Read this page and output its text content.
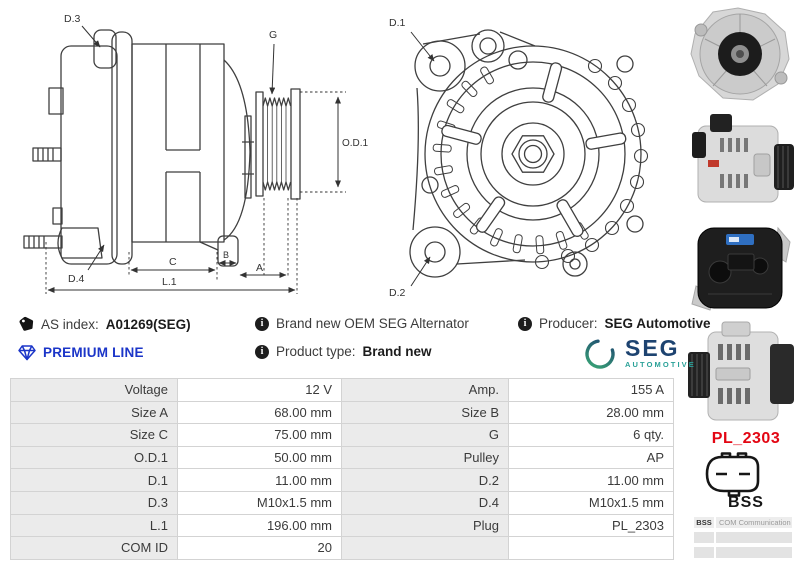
D.3
G
O.D.1
D.4
C
B
A
L.1
D.1
D.2
AS index: A01269(SEG) i	Brand new OEM SEG Alternator i	Producer: SEG Automotive
PREMIUM LINE i	Product type: Brand new	SEG
AUTOMOTIVE
Voltage	12 V	Amp.	155 A
Size A	68.00 mm	Size B	28.00 mm
Size C	75.00 mm	G	6 qty.
O.D.1	50.00 mm	Pulley	AP
D.1	11.00 mm	D.2	11.00 mm
D.3	M10x1.5 mm	D.4	M10x1.5 mm
L.1	196.00 mm	Plug	PL_2303
COM ID	20		
PL_2303
BSS
BSS COM Communication
